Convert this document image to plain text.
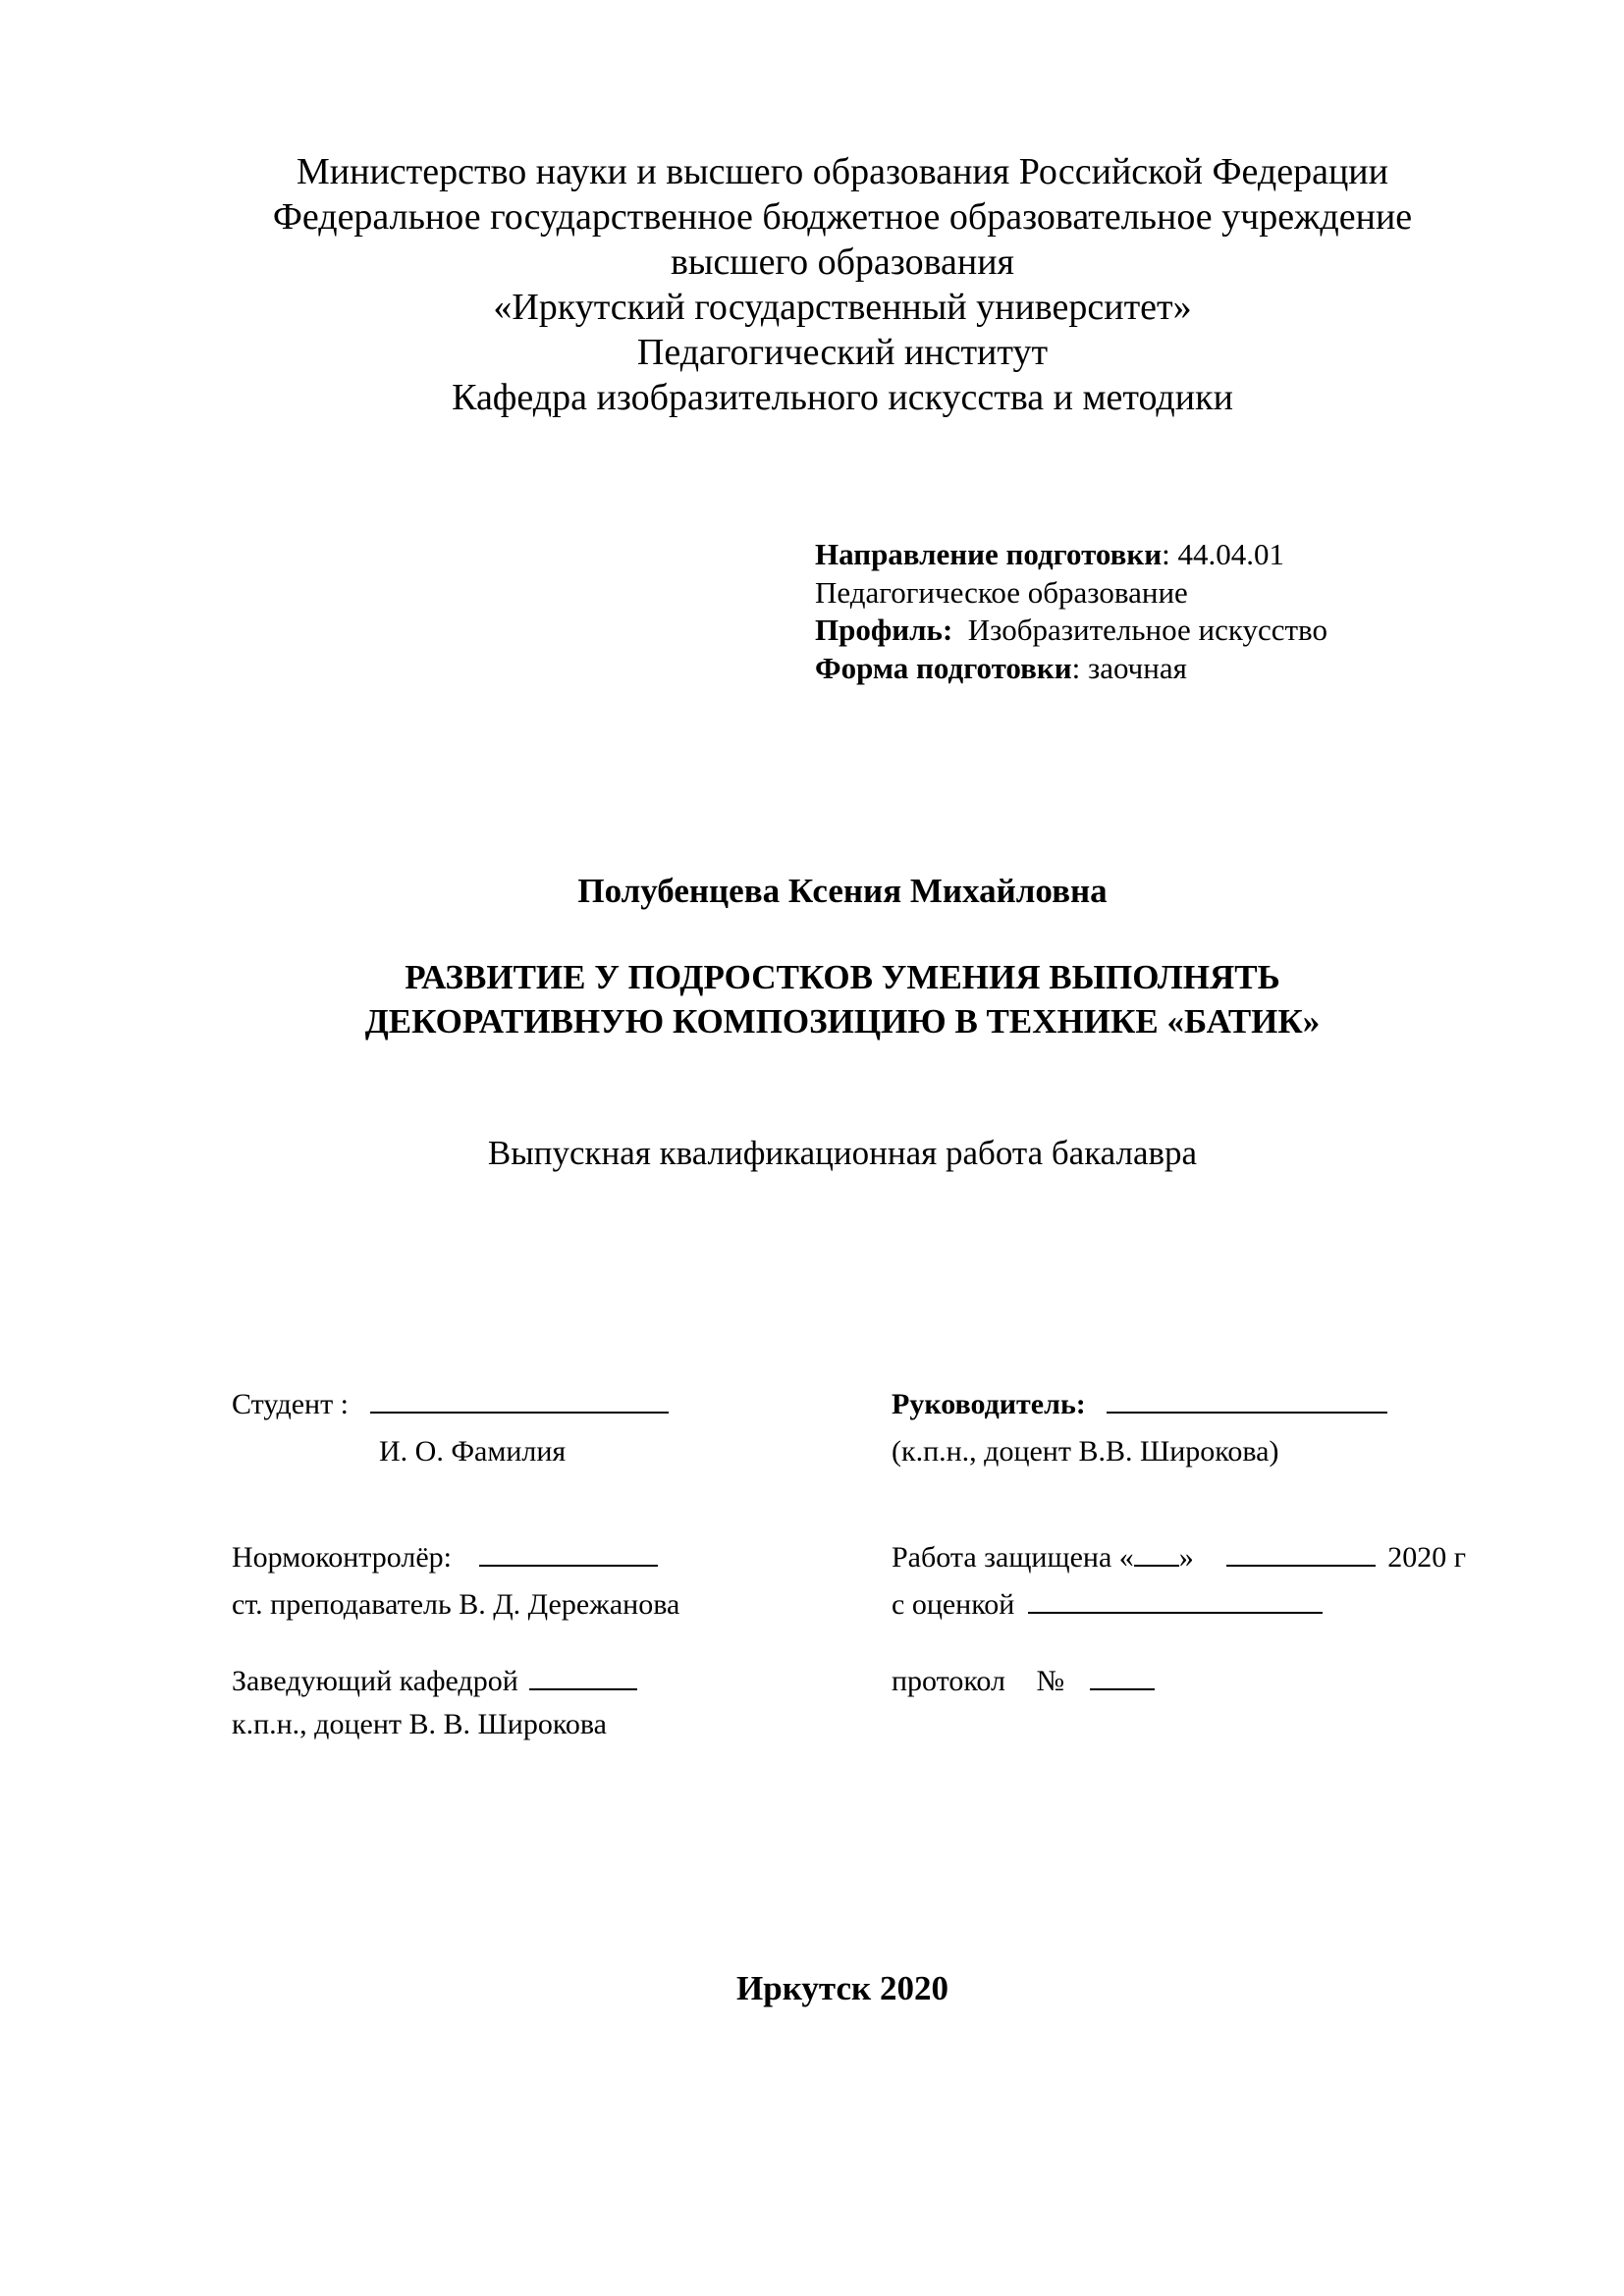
Министерство науки и высшего образования Российской Федерации
Федеральное государственное бюджетное образовательное учреждение
высшего образования
«Иркутский государственный университет»
Педагогический институт
Кафедра изобразительного искусства и методики
Направление подготовки: 44.04.01
Педагогическое образование
Профиль: Изобразительное искусство
Форма подготовки: заочная
Полубенцева Ксения Михайловна
РАЗВИТИЕ У ПОДРОСТКОВ УМЕНИЯ ВЫПОЛНЯТЬ
ДЕКОРАТИВНУЮ КОМПОЗИЦИЮ В ТЕХНИКЕ «БАТИК»
Выпускная квалификационная работа бакалавра
Студент :
И. О. Фамилия
Нормоконтролёр:
ст. преподаватель В. Д. Дережанова
Заведующий кафедрой
к.п.н., доцент В. В. Широкова
Руководитель:
(к.п.н., доцент В.В. Широкова)
Работа защищена « »	2020 г
с оценкой
протокол №
Иркутск 2020
